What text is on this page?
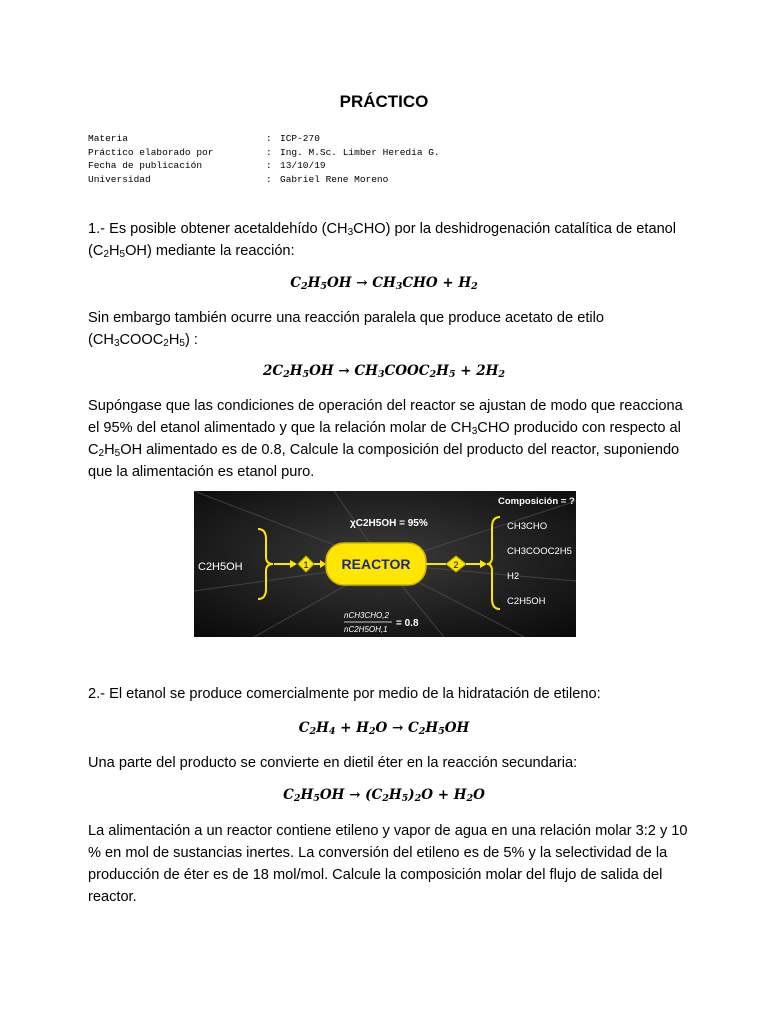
PRÁCTICO
Materia	: ICP-270
Práctico elaborado por	: Ing. M.Sc. Limber Heredia G.
Fecha de publicación	: 13/10/19
Universidad	: Gabriel Rene Moreno
1.- Es posible obtener acetaldehído $(CH_3CHO)$ por la deshidrogenación catalítica de etanol $(C_2H_5OH)$ mediante la reacción:
$C_2H_5OH \to CH_3CHO + H_2$
Sin embargo también ocurre una reacción paralela que produce acetato de etilo $(CH_3COOC_2H_5)$ :
$2C_2H_5OH$ → $CH_3COOC_2H_5 + 2H_2$
Supóngase que las condiciones de operación del reactor se ajustan de modo que reacciona el 95% del etanol alimentado y que la relación molar de $CH_3CHO$ producido con respecto al $C_2H_5OH$ alimentado es de 0.8, Calcule la composición del producto del reactor, suponiendo que la alimentación es etanol puro.
C2H5OH	1 REACTOR
χC2H5OH = 95%
2
Composición = ?
CH3CHO
CH3COOC2H5
H2
C2H5OH
nCH3CHO,2
nC2H5OH,1
= 0.8
2.- El etanol se produce comercialmente por medio de la hidratación de etileno:
$C_2H_4 + H_2O \to C_2H_5OH$
Una parte del producto se convierte en dietil éter en la reacción secundaria:
$C_2H_5OH \to (C_2H_5)_2O + H_2O$
La alimentación a un reactor contiene etileno y vapor de agua en una relación molar 3:2 y 10 % en mol de sustancias inertes. La conversión del etileno es de 5% y la selectividad de la producción de éter es de 18 mol/mol. Calcule la composición molar del flujo de salida del reactor.
